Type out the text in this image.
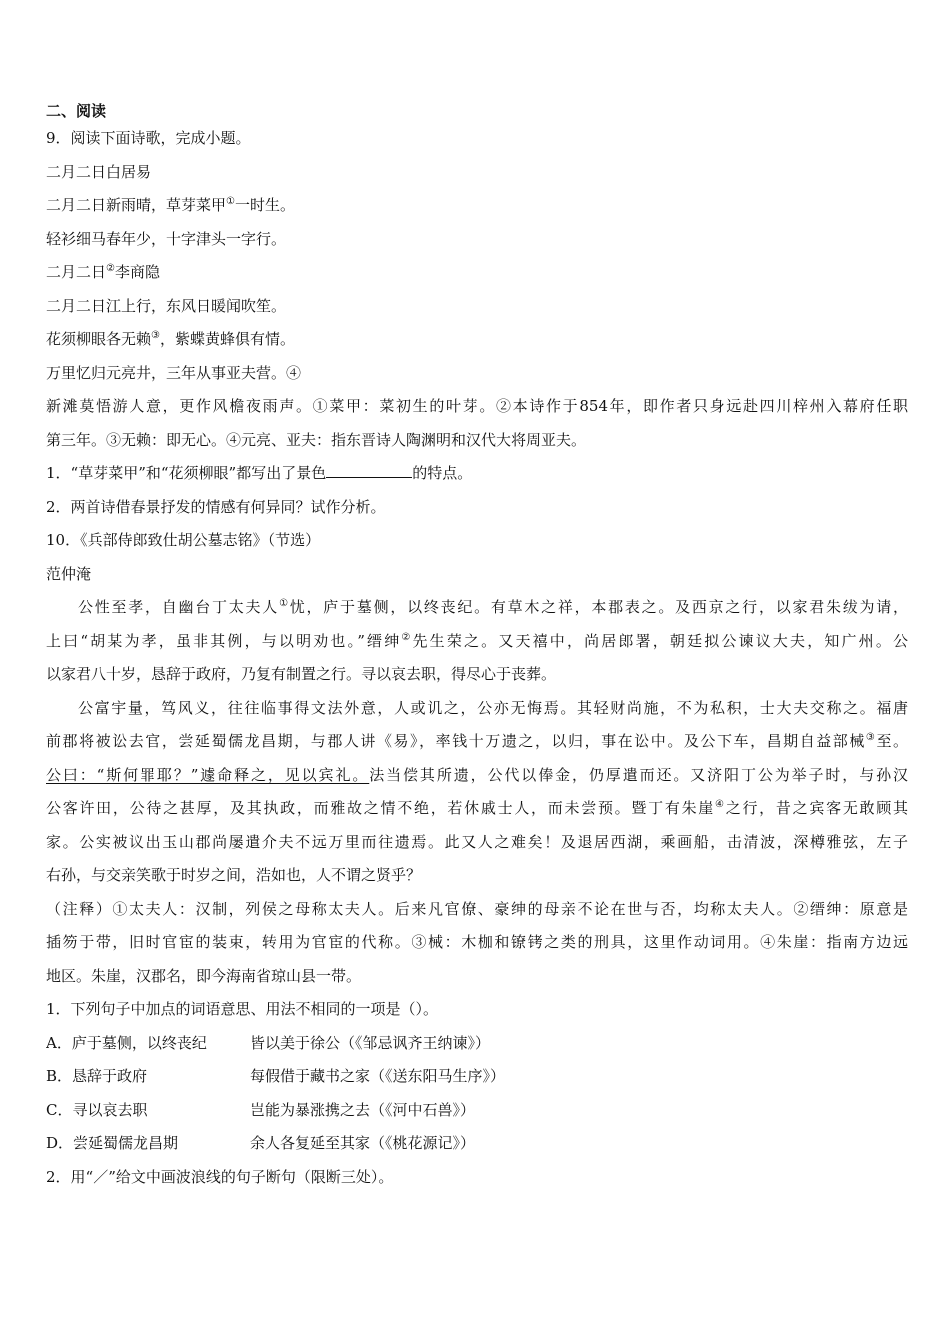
二、阅读
9．阅读下面诗歌，完成小题。
二月二日白居易
二月二日新雨晴，草芽菜甲①一时生。
轻衫细马春年少，十字津头一字行。
二月二日②李商隐
二月二日江上行，东风日暖闻吹笙。
花须柳眼各无赖③，紫蝶黄蜂俱有情。
万里忆归元亮井，三年从事亚夫营。④
新滩莫悟游人意，更作风檐夜雨声。①菜甲：菜初生的叶芽。②本诗作于854年，即作者只身远赴四川梓州入幕府任职
第三年。③无赖：即无心。④元亮、亚夫：指东晋诗人陶渊明和汉代大将周亚夫。
1．“草芽菜甲”和“花须柳眼”都写出了景色	的特点。
2．两首诗借春景抒发的情感有何异同？试作分析。
10．《兵部侍郎致仕胡公墓志铭》（节选）
范仲淹
公性至孝，自幽台丁太夫人①忧，庐于墓侧，以终丧纪。有草木之祥，本郡表之。及西京之行，以家君朱绂为请，
上曰“胡某为孝，虽非其例，与以明劝也。”缙绅②先生荣之。又天禧中，尚居郎署，朝廷拟公谏议大夫，知广州。公
以家君八十岁，恳辞于政府，乃复有制置之行。寻以哀去职，得尽心于丧葬。
公富宇量，笃风义，往往临事得文法外意，人或讥之，公亦无悔焉。其轻财尚施，不为私积，士大夫交称之。福唐
前郡将被讼去官，尝延蜀儒龙昌期，与郡人讲《易》，率钱十万遗之，以归，事在讼中。及公下车，昌期自益部械③至。
公曰：“斯何罪耶？”遽命释之，见以宾礼。法当偿其所遗，公代以俸金，仍厚遣而还。又济阳丁公为举子时，与孙汉
公客许田，公待之甚厚，及其执政，而雅故之情不绝，若休戚士人，而未尝预。暨丁有朱崖④之行，昔之宾客无敢顾其
家。公实被议出玉山郡尚屡遣介夫不远万里而往遗焉。此又人之难矣！及退居西湖，乘画船，击清波，深樽雅弦，左子
右孙，与交亲笑歌于时岁之间，浩如也，人不谓之贤乎？
（注释）①太夫人：汉制，列侯之母称太夫人。后来凡官僚、豪绅的母亲不论在世与否，均称太夫人。②缙绅：原意是
插笏于带，旧时官宦的装束，转用为官宦的代称。③械：木枷和镣铐之类的刑具，这里作动词用。④朱崖：指南方边远
地区。朱崖，汉郡名，即今海南省琼山县一带。
1．下列句子中加点的词语意思、用法不相同的一项是（）。
A．庐于墓侧，以终丧纪	皆以美于徐公（《邹忌讽齐王纳谏》）
B．恳辞于政府	每假借于藏书之家（《送东阳马生序》）
C．寻以哀去职	岂能为暴涨携之去（《河中石兽》）
D．尝延蜀儒龙昌期	余人各复延至其家（《桃花源记》）
2．用“／”给文中画波浪线的句子断句（限断三处）。
